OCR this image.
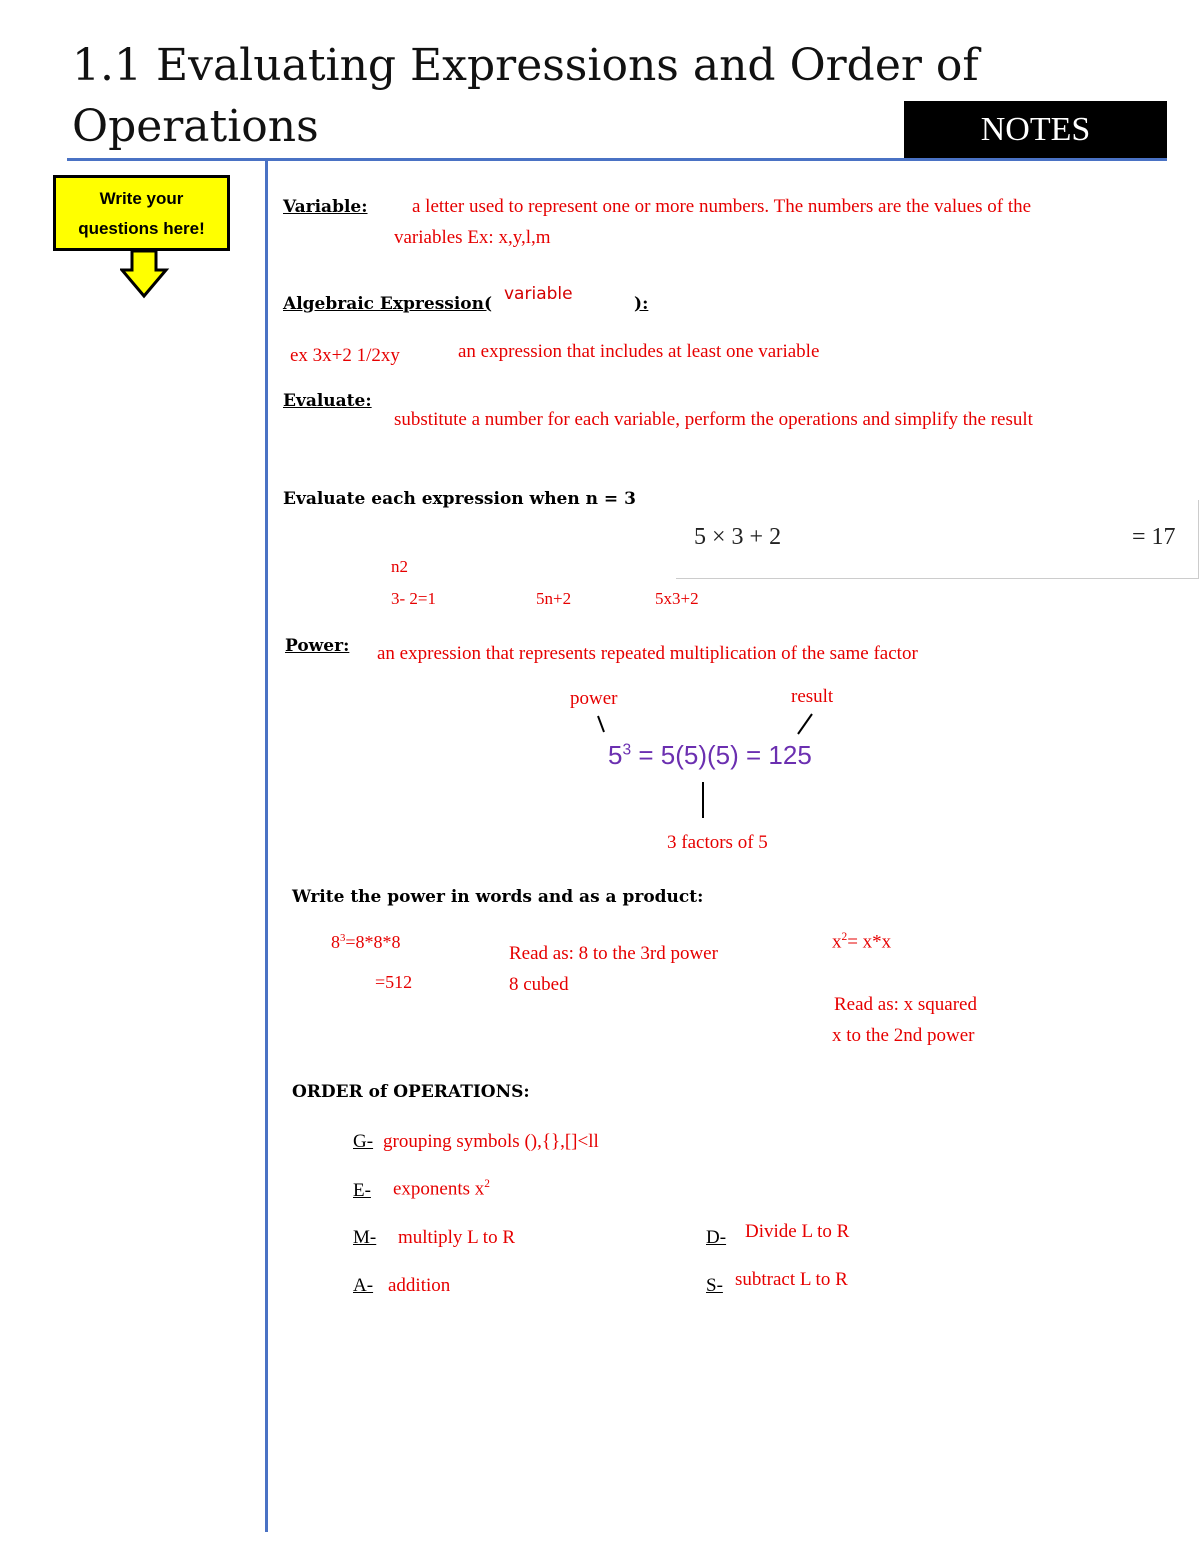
1.1 Evaluating Expressions and Order of
Operations	NOTES
Write your
questions here!
Variable: a letter used to represent one or more numbers. The numbers are the values of the
variables Ex: x,y,l,m
Algebraic Expression(	):
variable
ex 3x+2 1/2xy	an expression that includes at least one variable
Evaluate:
substitute a number for each variable, perform the operations and simplify the result
Evaluate each expression when n = 3
5 × 3 + 2	= 17
n2
3- 2=1	5n+2	5x3+2
Power: an expression that represents repeated multiplication of the same factor
power	result
$5^3 = 5(5)(5) = 125$
3 factors of 5
Write the power in words and as a product:
$8^3=8*8*8$
=512
Read as: 8 to the 3rd power
8 cubed
$x^2= x*x$
Read as: x squared
x to the 2nd power
ORDER of OPERATIONS:
G- grouping symbols (),{},[]<ll
E- exponents $x^2$
M- multiply L to R	D- Divide L to R
A- addition	S- subtract L to R
